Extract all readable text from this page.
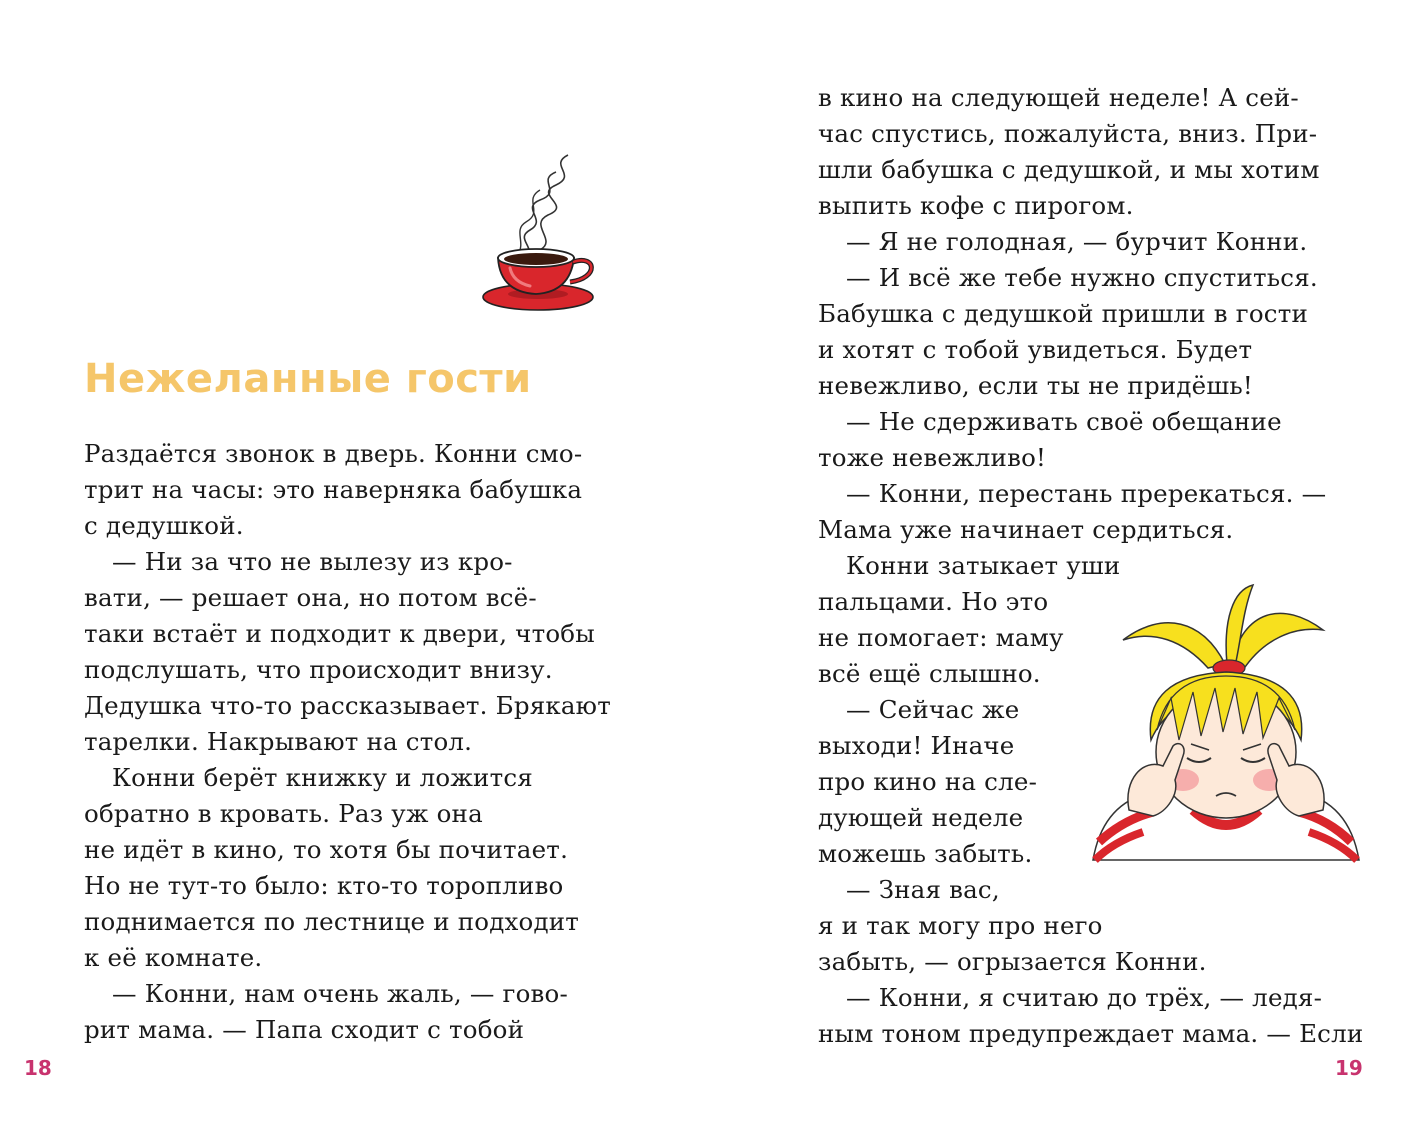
Нежеланные гости
Раздаётся звонок в дверь. Конни смо-
трит на часы: это наверняка бабушка
с дедушкой.
— Ни за что не вылезу из кро-
вати, — решает она, но потом всё-
таки встаёт и подходит к двери, чтобы
подслушать, что происходит внизу.
Дедушка что-то рассказывает. Брякают
тарелки. Накрывают на стол.
Конни берёт книжку и ложится
обратно в кровать. Раз уж она
не идёт в кино, то хотя бы почитает.
Но не тут-то было: кто-то торопливо
поднимается по лестнице и подходит
к её комнате.
— Конни, нам очень жаль, — гово-
рит мама. — Папа сходит с тобой
18
в кино на следующей неделе! А сей-
час спустись, пожалуйста, вниз. При-
шли бабушка с дедушкой, и мы хотим
выпить кофе с пирогом.
— Я не голодная, — бурчит Конни.
— И всё же тебе нужно спуститься.
Бабушка с дедушкой пришли в гости
и хотят с тобой увидеться. Будет
невежливо, если ты не придёшь!
— Не сдерживать своё обещание
тоже невежливо!
— Конни, перестань пререкаться. —
Мама уже начинает сердиться.
Конни затыкает уши
пальцами. Но это
не помогает: маму
всё ещё слышно.
— Сейчас же
выходи! Иначе
про кино на сле-
дующей неделе
можешь забыть.
— Зная вас,
я и так могу про него
забыть, — огрызается Конни.
— Конни, я считаю до трёх, — ледя-
ным тоном предупреждает мама. — Если
19
